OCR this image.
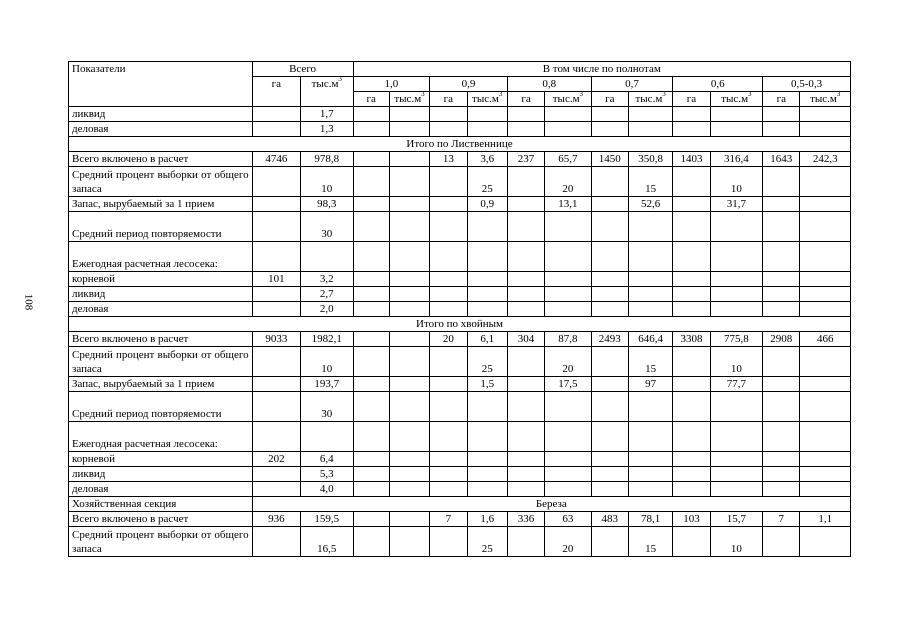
108
Показатели	Всего		В том числе по полнотам											
	га	$тыс.м^3$	1,0		0,9		0,8		0,7		0,6		0,5-0,3	
			га	$тыс.м^3$	га	$тыс.м^3$	га	$тыс.м^3$	га	$тыс.м^3$	га	$тыс.м^3$	га	$тыс.м^3$
ликвид		1,7												
деловая		1,3												
Итого по Лиственнице														
Всего включено в расчет	4746	978,8			13	3,6	237	65,7	1450	350,8	1403	316,4	1643	242,3
Средний процент выборки от общего запаса		10				25		20		15		10		
Запас, вырубаемый за 1 прием		98,3				0,9		13,1		52,6		31,7		
Средний период повторяемости		30												
Ежегодная расчетная лесосека:														
корневой	101	3,2												
ликвид		2,7												
деловая		2,0												
Итого по хвойным														
Всего включено в расчет	9033	1982,1			20	6,1	304	87,8	2493	646,4	3308	775,8	2908	466
Средний процент выборки от общего запаса		10				25		20		15		10		
Запас, вырубаемый за 1 прием		193,7				1,5		17,5		97		77,7		
Средний период повторяемости		30												
Ежегодная расчетная лесосека:														
корневой	202	6,4												
ликвид		5,3												
деловая		4,0												
Хозяйственная секция	Береза													
Всего включено в расчет	936	159,5			7	1,6	336	63	483	78,1	103	15,7	7	1,1
Средний процент выборки от общего запаса		16,5				25		20		15		10		
